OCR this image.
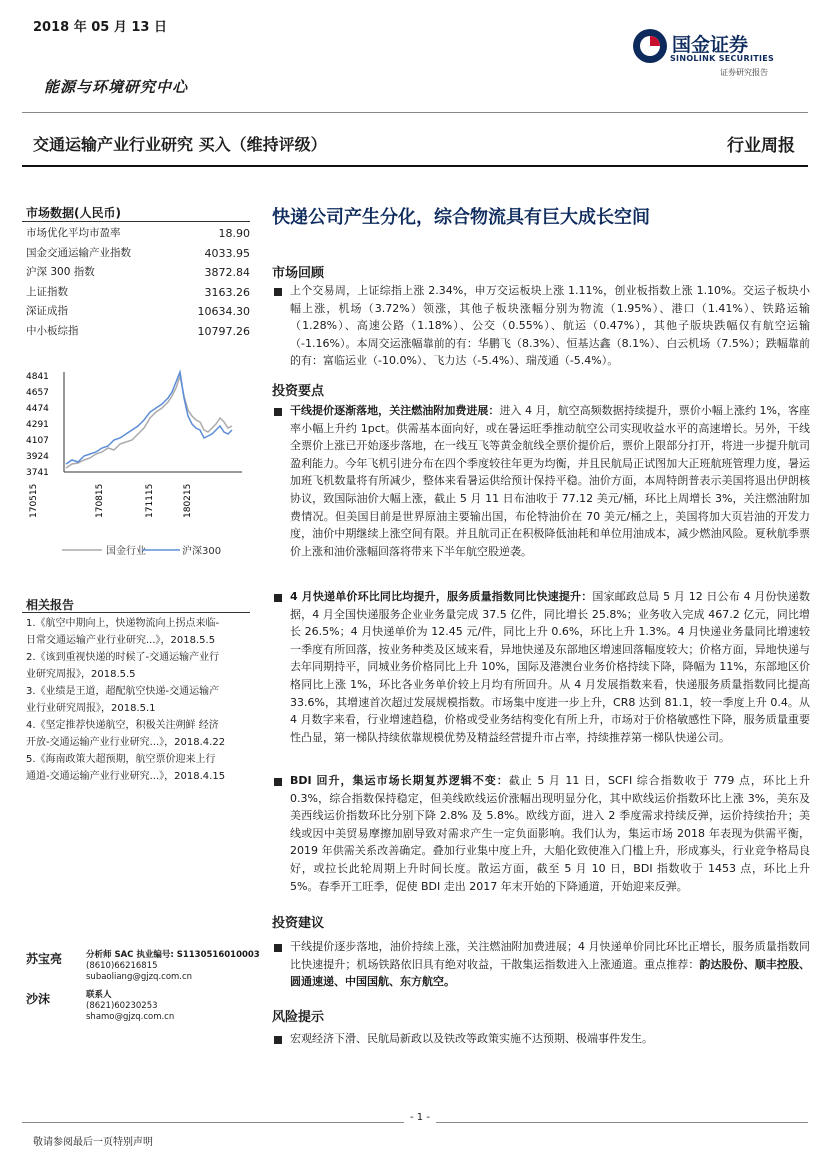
2018 年 05 月 13 日
能源与环境研究中心
交通运输产业行业研究 买入（维持评级）	行业周报
国金证券
SINOLINK SECURITIES
证券研究报告
市场数据(人民币)
市场优化平均市盈率	18.90
国金交通运输产业指数	4033.95
沪深 300 指数	3872.84
上证指数	3163.26
深证成指	10634.30
中小板综指	10797.26
4841
4657
4474
4291
4107
3924
3741
170515	170815	171115	180215
国金行业	沪深300
相关报告
1.《航空中期向上，快递物流向上拐点来临-
日常交通运输产业行业研究...》，2018.5.5
2.《该到重视快递的时候了-交通运输产业行
业研究周报》，2018.5.5
3.《业绩是王道，超配航空快递-交通运输产
业行业研究周报》，2018.5.1
4.《坚定推荐快递航空，积极关注朔鲜 经济
开放-交通运输产业行业研究...》，2018.4.22
5.《海南政策大超预期，航空票价迎来上行
通道-交通运输产业行业研究...》，2018.4.15
苏宝亮	分析师 SAC 执业编号: S1130516010003
(8610)66216815
subaoliang@gjzq.com.cn
沙沫	联系人
(8621)60230253
shamo@gjzq.com.cn
快递公司产生分化，综合物流具有巨大成长空间
市场回顾
上个交易周，上证综指上涨 2.34%，申万交运板块上涨 1.11%，创业板指数上涨 1.10%。交运子板块小幅上涨，机场（3.72%）领涨，其他子板块涨幅分别为物流（1.95%）、港口（1.41%）、铁路运输（1.28%）、高速公路（1.18%）、公交（0.55%）、航运（0.47%），其他子版块跌幅仅有航空运输（-1.16%）。本周交运涨幅靠前的有：华鹏飞（8.3%）、恒基达鑫（8.1%）、白云机场（7.5%）；跌幅靠前的有：富临运业（-10.0%）、飞力达（-5.4%）、瑞茂通（-5.4%）。
投资要点
干线提价逐渐落地，关注燃油附加费进展：进入 4 月，航空高频数据持续提升，票价小幅上涨约 1%，客座率小幅上升约 1pct。供需基本面向好，或在暑运旺季推动航空公司实现收益水平的高速增长。另外，干线全票价上涨已开始逐步落地，在一线互飞等黄金航线全票价提价后，票价上限部分打开，将进一步提升航司盈利能力。今年飞机引进分布在四个季度较往年更为均衡，并且民航局正试图加大正班航班管理力度，暑运加班飞机数量将有所减少，整体来看暑运供给预计保持平稳。油价方面，本周特朗普表示美国将退出伊朗核协议，致国际油价大幅上涨，截止 5 月 11 日布油收于 77.12 美元/桶，环比上周增长 3%，关注燃油附加费情况。但美国目前是世界原油主要输出国，布伦特油价在 70 美元/桶之上，美国将加大页岩油的开发力度，油价中期继续上涨空间有限。并且航司正在积极降低油耗和单位用油成本，减少燃油风险。夏秋航季票价上涨和油价涨幅回落将带来下半年航空股逆袭。
4 月快递单价环比同比均提升，服务质量指数同比快速提升：国家邮政总局 5 月 12 日公布 4 月份快递数据，4 月全国快递服务企业业务量完成 37.5 亿件，同比增长 25.8%；业务收入完成 467.2 亿元，同比增长 26.5%；4 月快递单价为 12.45 元/件，同比上升 0.6%，环比上升 1.3%。4 月快递业务量同比增速较一季度有所回落，按业务种类及区域来看，异地快递及东部地区增速回落幅度较大；价格方面，异地快递与去年同期持平，同城业务价格同比上升 10%，国际及港澳台业务价格持续下降，降幅为 11%，东部地区价格同比上涨 1%，环比各业务单价较上月均有所回升。从 4 月发展指数来看，快递服务质量指数同比提高 33.6%，其增速首次超过发展规模指数。市场集中度进一步上升，CR8 达到 81.1，较一季度上升 0.4。从 4 月数字来看，行业增速趋稳，价格或受业务结构变化有所上升，市场对于价格敏感性下降，服务质量重要性凸显，第一梯队持续依靠规模优势及精益经营提升市占率，持续推荐第一梯队快递公司。
BDI 回升，集运市场长期复苏逻辑不变：截止 5 月 11 日，SCFI 综合指数收于 779 点，环比上升 0.3%，综合指数保持稳定，但美线欧线运价涨幅出现明显分化，其中欧线运价指数环比上涨 3%，美东及美西线运价指数环比分别下降 2.8% 及 5.8%。欧线方面，进入 2 季度需求持续反弹，运价持续抬升；美线或因中美贸易摩擦加剧导致对需求产生一定负面影响。我们认为，集运市场 2018 年表现为供需平衡，2019 年供需关系改善确定。叠加行业集中度上升，大船化致使准入门槛上升，形成寡头，行业竞争格局良好，或拉长此轮周期上升时间长度。散运方面，截至 5 月 10 日，BDI 指数收于 1453 点，环比上升 5%。春季开工旺季，促使 BDI 走出 2017 年末开始的下降通道，开始迎来反弹。
投资建议
干线提价逐步落地，油价持续上涨，关注燃油附加费进展；4 月快递单价同比环比正增长，服务质量指数同比快速提升；机场铁路依旧具有绝对收益，干散集运指数进入上涨通道。重点推荐：韵达股份、顺丰控股、圆通速递、中国国航、东方航空。
风险提示
宏观经济下滑、民航局新政以及铁改等政策实施不达预期、极端事件发生。
- 1 -
敬请参阅最后一页特别声明
